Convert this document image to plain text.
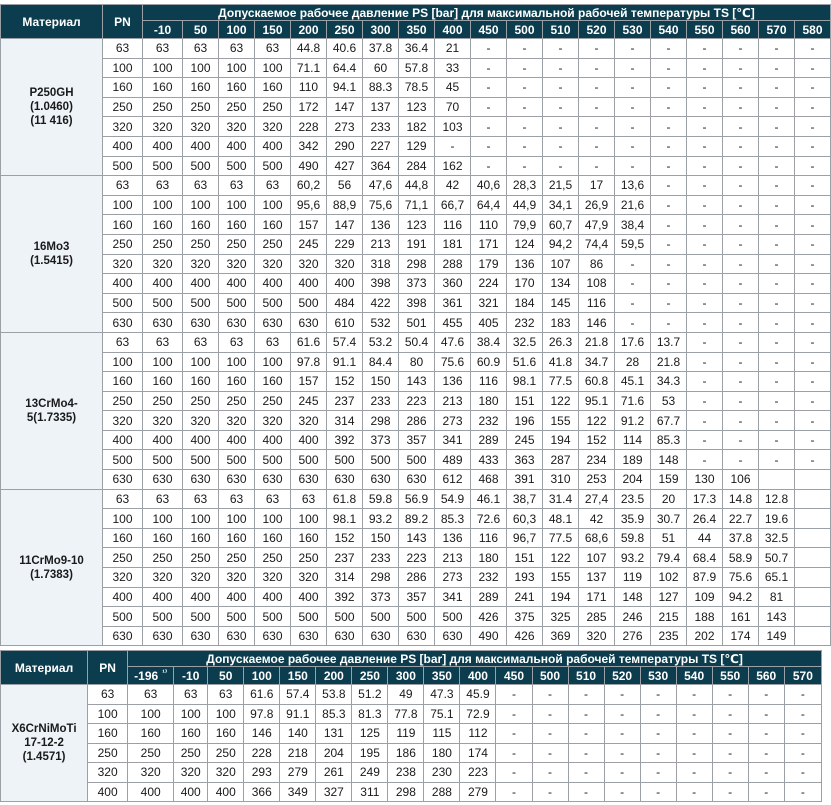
Материал	PN	Допускаемое рабочее давление PS [bar] для максимальной рабочей температуры TS [℃]																		
		-10	50	100	150	200	250	300	350	400	450	500	510	520	530	540	550	560	570	580

P250GH
(1.0460)
(11 416)	63	63	63	63	63	44.8	40.6	37.8	36.4	21	-	-	-	-	-	-	-	-	-	-
	100	100	100	100	100	71.1	64.4	60	57.8	33	-	-	-	-	-	-	-	-	-	-
	160	160	160	160	160	110	94.1	88.3	78.5	45	-	-	-	-	-	-	-	-	-	-
	250	250	250	250	250	172	147	137	123	70	-	-	-	-	-	-	-	-	-	-
	320	320	320	320	320	228	273	233	182	103	-	-	-	-	-	-	-	-	-	-
	400	400	400	400	400	342	290	227	129	-	-	-	-	-	-	-	-	-	-	-
	500	500	500	500	500	490	427	364	284	162	-	-	-	-	-	-	-	-	-	-

16Mo3
(1.5415)	63	63	63	63	63	60,2	56	47,6	44,8	42	40,6	28,3	21,5	17	13,6	-	-	-	-	-
	100	100	100	100	100	95,6	88,9	75,6	71,1	66,7	64,4	44,9	34,1	26,9	21,6	-	-	-	-	-
	160	160	160	160	160	157	147	136	123	116	110	79,9	60,7	47,9	38,4	-	-	-	-	-
	250	250	250	250	250	245	229	213	191	181	171	124	94,2	74,4	59,5	-	-	-	-	-
	320	320	320	320	320	320	320	318	298	288	179	136	107	86	-	-	-	-	-	-
	400	400	400	400	400	400	400	398	373	360	224	170	134	108	-	-	-	-	-	-
	500	500	500	500	500	500	484	422	398	361	321	184	145	116	-	-	-	-	-	-
	630	630	630	630	630	630	610	532	501	455	405	232	183	146	-	-	-	-	-	-

13CrMo4-
5(1.7335)	63	63	63	63	63	61.6	57.4	53.2	50.4	47.6	38.4	32.5	26.3	21.8	17.6	13.7	-	-	-	-
	100	100	100	100	100	97.8	91.1	84.4	80	75.6	60.9	51.6	41.8	34.7	28	21.8	-	-	-	-
	160	160	160	160	160	157	152	150	143	136	116	98.1	77.5	60.8	45.1	34.3	-	-	-	-
	250	250	250	250	250	245	237	233	223	213	180	151	122	95.1	71.6	53	-	-	-	-
	320	320	320	320	320	320	314	298	286	273	232	196	155	122	91.2	67.7	-	-	-	-
	400	400	400	400	400	400	392	373	357	341	289	245	194	152	114	85.3	-	-	-	-
	500	500	500	500	500	500	500	500	500	489	433	363	287	234	189	148	-	-	-	-
	630	630	630	630	630	630	630	630	630	612	468	391	310	253	204	159	130	106		

11CrMo9-10
(1.7383)	63	63	63	63	63	63	61.8	59.8	56.9	54.9	46.1	38,7	31.4	27,4	23.5	20	17.3	14.8	12.8	
	100	100	100	100	100	100	98.1	93.2	89.2	85.3	72.6	60,3	48.1	42	35.9	30.7	26.4	22.7	19.6	
	160	160	160	160	160	160	152	150	143	136	116	96,7	77.5	68,6	59.8	51	44	37.8	32.5	
	250	250	250	250	250	250	237	233	223	213	180	151	122	107	93.2	79.4	68.4	58.9	50.7	
	320	320	320	320	320	320	314	298	286	273	232	193	155	137	119	102	87.9	75.6	65.1	
	400	400	400	400	400	400	392	373	357	341	289	241	194	171	148	127	109	94.2	81	
	500	500	500	500	500	500	500	500	500	500	426	375	325	285	246	215	188	161	143	
	630	630	630	630	630	630	630	630	630	630	490	426	369	320	276	235	202	174	149	
Материал	PN	Допускаемое рабочее давление PS [bar] для максимальной рабочей температуры TS [℃]																		
		-196 $^{^{1)}}$	-10	50	100	150	200	250	300	350	400	450	500	510	520	530	540	550	560	570

X6CrNiMoTi
17-12-2
(1.4571)	63	63	63	63	61.6	57.4	53.8	51.2	49	47.3	45.9	-	-	-	-	-	-	-	-	-
	100	100	100	100	97.8	91.1	85.3	81.3	77.8	75.1	72.9	-	-	-	-	-	-	-	-	-
	160	160	160	160	146	140	131	125	119	115	112	-	-	-	-	-	-	-	-	-
	250	250	250	250	228	218	204	195	186	180	174	-	-	-	-	-	-	-	-	-
	320	320	320	320	293	279	261	249	238	230	223	-	-	-	-	-	-	-	-	-
	400	400	400	400	366	349	327	311	298	288	279	-	-	-	-	-	-	-	-	-
